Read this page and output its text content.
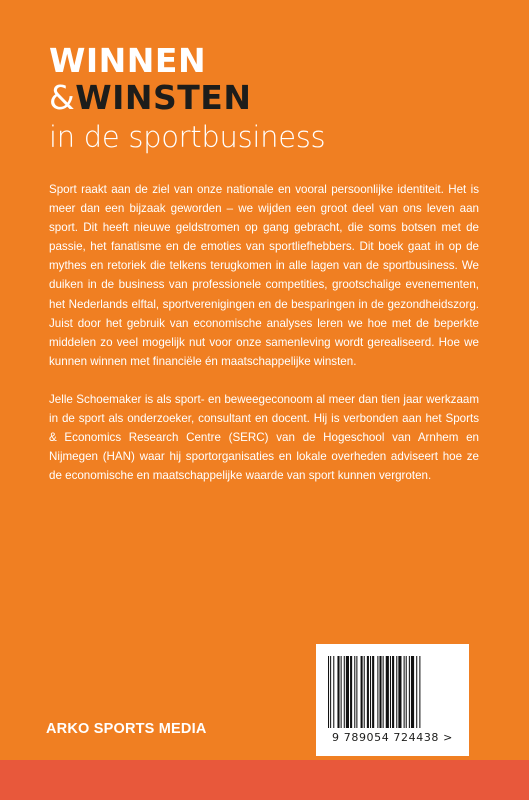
WINNEN
&WINSTEN
in de sportbusiness

Sport raakt aan de ziel van onze nationale en vooral persoonlijke identiteit. Het is meer dan een bijzaak geworden – we wijden een groot deel van ons leven aan sport. Dit heeft nieuwe geldstromen op gang gebracht, die soms botsen met de passie, het fanatisme en de emoties van sportliefhebbers. Dit boek gaat in op de mythes en retoriek die telkens terugkomen in alle lagen van de sportbusiness. We duiken in de business van professionele competities, grootschalige evenementen, het Nederlands elftal, sportverenigingen en de besparingen in de gezondheidszorg. Juist door het gebruik van economische analyses leren we hoe met de beperkte middelen zo veel mogelijk nut voor onze samenleving wordt gerealiseerd. Hoe we kunnen winnen met financiële én maatschappelijke winsten.

Jelle Schoemaker is als sport- en beweegeconoom al meer dan tien jaar werkzaam in de sport als onderzoeker, consultant en docent. Hij is verbonden aan het Sports & Economics Research Centre (SERC) van de Hogeschool van Arnhem en Nijmegen (HAN) waar hij sportorganisaties en lokale overheden adviseert hoe ze de economische en maatschappelijke waarde van sport kunnen vergroten.

ARKO SPORTS MEDIA
9 789054 724438 >
